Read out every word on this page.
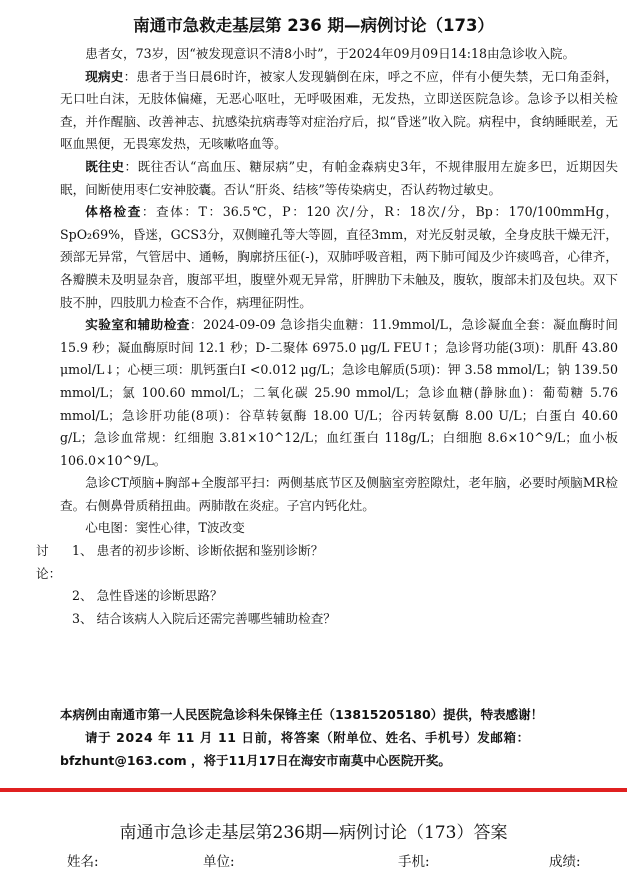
南通市急救走基层第 236 期—病例讨论（173）

患者女，73岁，因“被发现意识不清8小时”，于2024年09月09日14:18由急诊收入院。

现病史：患者于当日晨6时许，被家人发现躺倒在床，呼之不应，伴有小便失禁，无口角歪斜，无口吐白沫，无肢体偏瘫，无恶心呕吐，无呼吸困难，无发热，立即送医院急诊。急诊予以相关检查，并作醒脑、改善神志、抗感染抗病毒等对症治疗后，拟“昏迷”收入院。病程中，食纳睡眠差，无呕血黑便，无畏寒发热，无咳嗽咯血等。

既往史：既往否认“高血压、糖尿病”史，有帕金森病史3年，不规律服用左旋多巴，近期因失眠，间断使用枣仁安神胶囊。否认“肝炎、结核”等传染病史，否认药物过敏史。

体格检查：查体：T：36.5℃，P：120 次/分，R：18次/分，Bp：170/100mmHg，SpO₂69%，昏迷，GCS3分，双侧瞳孔等大等圆，直径3mm，对光反射灵敏，全身皮肤干燥无汗，颈部无异常，气管居中、通畅，胸廓挤压征(-)，双肺呼吸音粗，两下肺可闻及少许痰鸣音，心律齐，各瓣膜未及明显杂音，腹部平坦，腹壁外观无异常，肝脾肋下未触及，腹软，腹部未扪及包块。双下肢不肿，四肢肌力检查不合作，病理征阴性。

实验室和辅助检查：2024-09-09 急诊指尖血糖：11.9mmol/L，急诊凝血全套：凝血酶时间 15.9 秒；凝血酶原时间 12.1 秒；D-二聚体 6975.0 μg/L FEU↑；急诊肾功能(3项)：肌酐 43.80 μmol/L↓；心梗三项：肌钙蛋白I <0.012 μg/L；急诊电解质(5项)：钾 3.58 mmol/L；钠 139.50 mmol/L；氯 100.60 mmol/L；二氧化碳 25.90 mmol/L；急诊血糖(静脉血)：葡萄糖 5.76 mmol/L；急诊肝功能(8项)：谷草转氨酶 18.00 U/L；谷丙转氨酶 8.00 U/L；白蛋白 40.60 g/L；急诊血常规：红细胞 3.81×10^12/L；血红蛋白 118g/L；白细胞 8.6×10^9/L；血小板 106.0×10^9/L。

急诊CT颅脑+胸部+全腹部平扫：两侧基底节区及侧脑室旁腔隙灶，老年脑，必要时颅脑MR检查。右侧鼻骨质稍扭曲。两肺散在炎症。子宫内钙化灶。

心电图：窦性心律，T波改变

讨论：
1、 患者的初步诊断、诊断依据和鉴别诊断？
2、 急性昏迷的诊断思路？
3、 结合该病人入院后还需完善哪些辅助检查？

本病例由南通市第一人民医院急诊科朱保锋主任（13815205180）提供，特表感谢！

请于 2024 年 11 月 11 日前，将答案（附单位、姓名、手机号）发邮箱：

bfzhunt@163.com ，将于11月17日在海安市南莫中心医院开奖。

南通市急诊走基层第236期—病例讨论（173）答案
姓名:	单位:	手机:	成绩:
